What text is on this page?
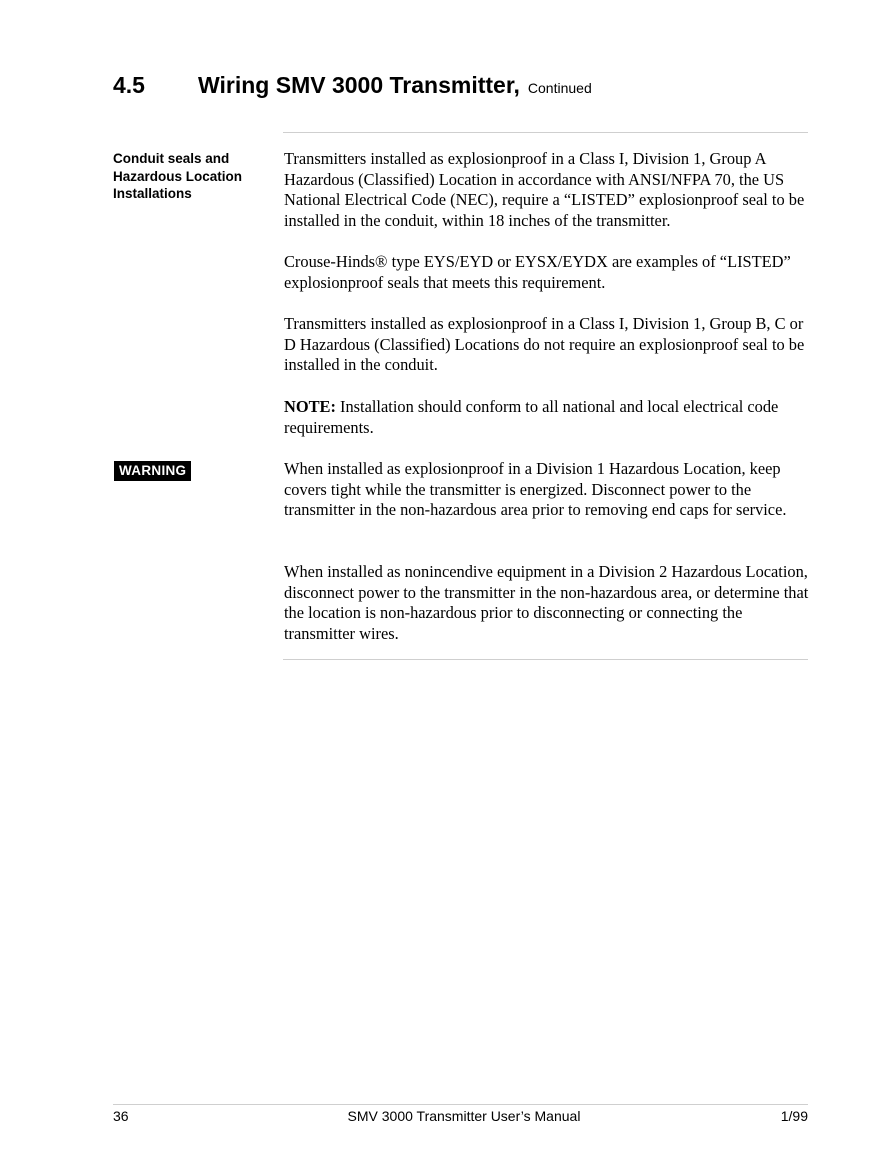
4.5 Wiring SMV 3000 Transmitter, Continued
Conduit seals and Hazardous Location Installations

Transmitters installed as explosionproof in a Class I, Division 1, Group A Hazardous (Classified) Location in accordance with ANSI/NFPA 70, the US National Electrical Code (NEC), require a “LISTED” explosionproof seal to be installed in the conduit, within 18 inches of the transmitter.

Crouse-Hinds® type EYS/EYD or EYSX/EYDX are examples of “LISTED” explosionproof seals that meets this requirement.

Transmitters installed as explosionproof in a Class I, Division 1, Group B, C or D Hazardous (Classified) Locations do not require an explosionproof seal to be installed in the conduit.

NOTE: Installation should conform to all national and local electrical code requirements.

WARNING	When installed as explosionproof in a Division 1 Hazardous Location, keep covers tight while the transmitter is energized. Disconnect power to the transmitter in the non-hazardous area prior to removing end caps for service.

When installed as nonincendive equipment in a Division 2 Hazardous Location, disconnect power to the transmitter in the non-hazardous area, or determine that the location is non-hazardous prior to disconnecting or connecting the transmitter wires.

36	SMV 3000 Transmitter User’s Manual	1/99
